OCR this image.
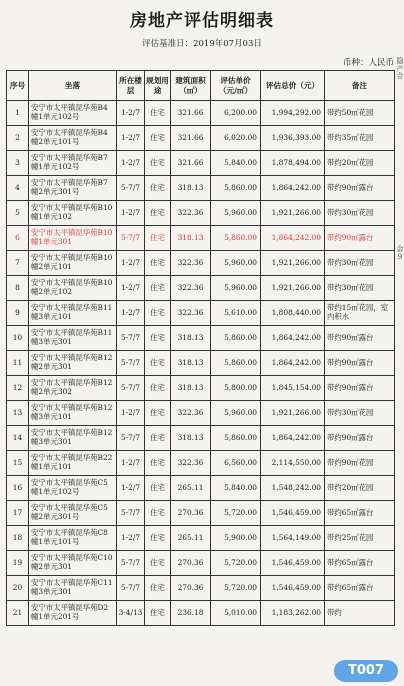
房地产评估明细表
评估基准日：2019年07月03日
币种：人民币
序号	坐落	所在楼层	规划用途	建筑面积（㎡）	评估单价（元/㎡）	评估总价（元）	备注
1	安宁市太平镇昆华苑B4幢1单元102号	1-2/7	住宅	321.66	6,200.00	1,994,292.00	带约50㎡花园
2	安宁市太平镇昆华苑B4幢2单元101号	1-2/7	住宅	321.66	6,020.00	1,936,393.00	带约35㎡花园
3	安宁市太平镇昆华苑B7幢1单元102号	1-2/7	住宅	321.66	5,840.00	1,878,494.00	带约20㎡花园
4	安宁市太平镇昆华苑B7幢2单元301号	5-7/7	住宅	318.13	5,860.00	1,864,242.00	带约90㎡露台
5	安宁市太平镇昆华苑B10幢1单元102	1-2/7	住宅	322.36	5,960.00	1,921,266.00	带约30㎡花园
6	安宁市太平镇昆华苑B10幢1单元301	5-7/7	住宅	318.13	5,860.00	1,864,242.00	带约90㎡露台
7	安宁市太平镇昆华苑B10幢2单元101	1-2/7	住宅	322.36	5,960.00	1,921,266.00	带约30㎡花园
8	安宁市太平镇昆华苑B10幢2单元102	1-2/7	住宅	322.36	5,960.00	1,921,266.00	带约30㎡花园
9	安宁市太平镇昆华苑B11幢3单元101	1-2/7	住宅	322.36	5,610.00	1,808,440.00	带约15㎡花园，室内积水
10	安宁市太平镇昆华苑B11幢3单元301	5-7/7	住宅	318.13	5,860.00	1,864,242.00	带约90㎡露台
11	安宁市太平镇昆华苑B12幢2单元301	5-7/7	住宅	318.13	5,860.00	1,864,242.00	带约90㎡露台
12	安宁市太平镇昆华苑B12幢2单元302	5-7/7	住宅	318.13	5,800.00	1,845,154.00	带约90㎡露台
13	安宁市太平镇昆华苑B12幢3单元101	1-2/7	住宅	322.36	5,960.00	1,921,266.00	带约30㎡花园
14	安宁市太平镇昆华苑B12幢3单元301	5-7/7	住宅	318.13	5,860.00	1,864,242.00	带约90㎡露台
15	安宁市太平镇昆华苑B22幢1单元101	1-2/7	住宅	322.36	6,560.00	2,114,550.00	带约90㎡花园
16	安宁市太平镇昆华苑C5幢1单元102号	1-2/7	住宅	265.11	5,840.00	1,548,242.00	带约20㎡花园
17	安宁市太平镇昆华苑C5幢2单元301号	5-7/7	住宅	270.36	5,720.00	1,546,459.00	带约65㎡露台
18	安宁市太平镇昆华苑C8幢1单元101号	1-2/7	住宅	265.11	5,900.00	1,564,149.00	带约25㎡花园
19	安宁市太平镇昆华苑C10幢2单元301	5-7/7	住宅	270.36	5,720.00	1,546,459.00	带约65㎡露台
20	安宁市太平镇昆华苑C11幢3单元301	5-7/7	住宅	270.36	5,720.00	1,546,459.00	带约65㎡露台
21	安宁市太平镇昆华苑D2幢1单元201号	3-4/13	住宅	236.18	5,010.00	1,183,262.00	带约
隐产合
会9
T007
